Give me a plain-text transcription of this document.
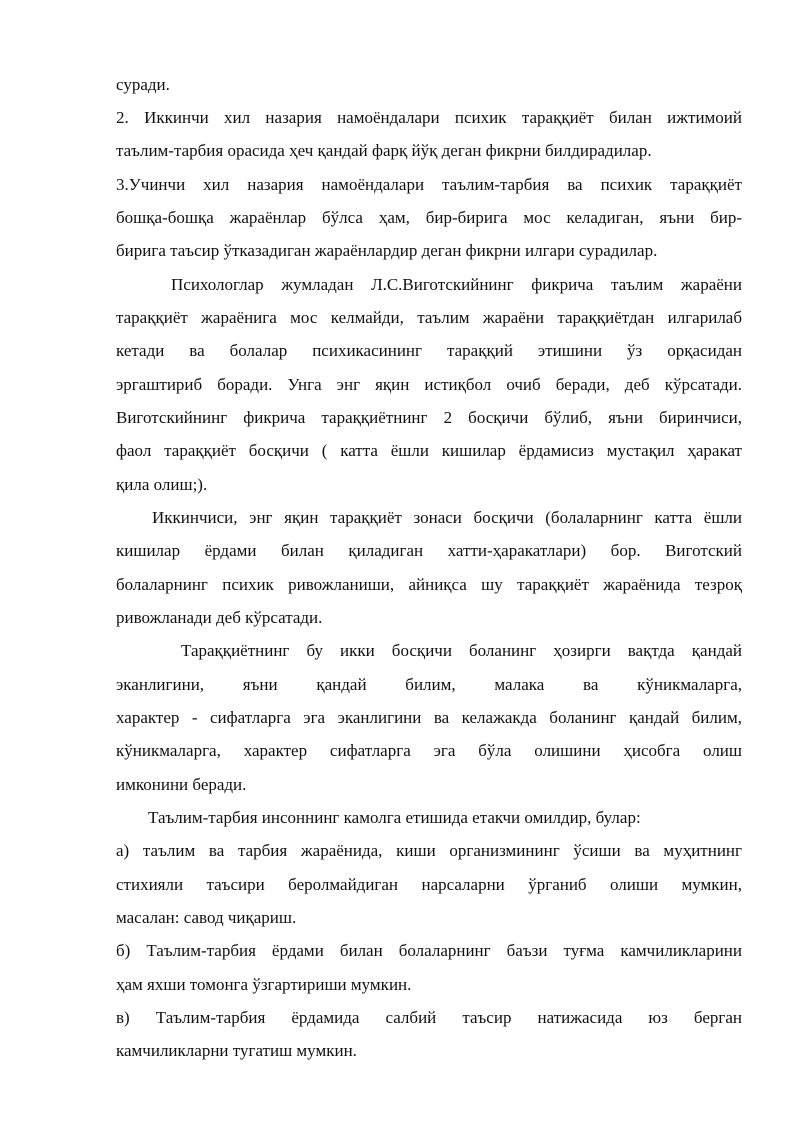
суради.
2. Иккинчи хил назария намоёндалари психик тараққиёт билан ижтимоий
таълим-тарбия орасида ҳеч қандай фарқ йўқ деган фикрни билдирадилар.
3.Учинчи хил назария намоёндалари таълим-тарбия ва психик тараққиёт
бошқа-бошқа жараёнлар бўлса ҳам, бир-бирига мос келадиган, яъни бир-
бирига таъсир ўтказадиган жараёнлардир деган фикрни илгари сурадилар.
Психологлар жумладан Л.С.Виготскийнинг фикрича таълим жараёни
тараққиёт жараёнига мос келмайди, таълим жараёни тараққиётдан илгарилаб
кетади ва болалар психикасининг тараққий этишини ўз орқасидан
эргаштириб боради. Унга энг яқин истиқбол очиб беради, деб кўрсатади.
Виготскийнинг фикрича тараққиётнинг 2 босқичи бўлиб, яъни биринчиси,
фаол тараққиёт босқичи ( катта ёшли кишилар ёрдамисиз мустақил ҳаракат
қила олиш;).
Иккинчиси, энг яқин тараққиёт зонаси босқичи (болаларнинг катта ёшли
кишилар ёрдами билан қиладиган хатти-ҳаракатлари) бор. Виготский
болаларнинг психик ривожланиши, айниқса шу тараққиёт жараёнида тезроқ
ривожланади деб кўрсатади.
Тараққиётнинг бу икки босқичи боланинг ҳозирги вақтда қандай
эканлигини, яъни қандай билим, малака ва кўникмаларга,
характер - сифатларга эга эканлигини ва келажакда боланинг қандай билим,
кўникмаларга, характер сифатларга эга бўла олишини ҳисобга олиш
имконини беради.
Таълим-тарбия инсоннинг камолга етишида етакчи омилдир, булар:
а) таълим ва тарбия жараёнида, киши организмининг ўсиши ва муҳитнинг
стихияли таъсири беролмайдиган нарсаларни ўрганиб олиши мумкин,
масалан: савод чиқариш.
б) Таълим-тарбия ёрдами билан болаларнинг баъзи туғма камчиликларини
ҳам яхши томонга ўзгартириши мумкин.
в) Таълим-тарбия ёрдамида салбий таъсир натижасида юз берган
камчиликларни тугатиш мумкин.
